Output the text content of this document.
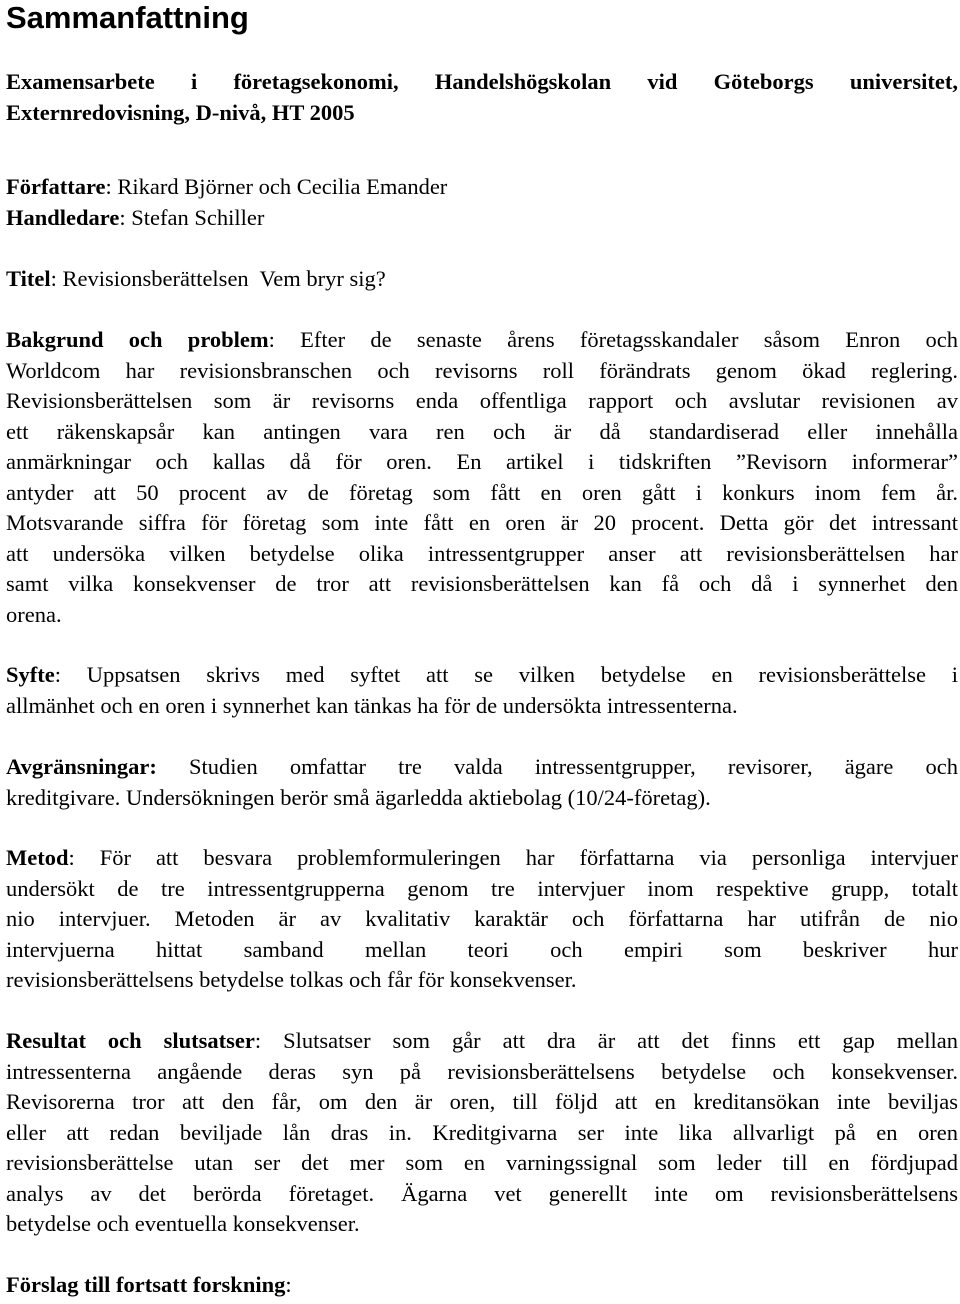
Sammanfattning
Examensarbete i företagsekonomi, Handelshögskolan vid Göteborgs universitet,
Externredovisning, D-nivå, HT 2005
Författare: Rikard Björner och Cecilia Emander
Handledare: Stefan Schiller
Titel: Revisionsberättelsen  Vem bryr sig?
Bakgrund och problem: Efter de senaste årens företagsskandaler såsom Enron och
Worldcom har revisionsbranschen och revisorns roll förändrats genom ökad reglering.
Revisionsberättelsen som är revisorns enda offentliga rapport och avslutar revisionen av
ett räkenskapsår kan antingen vara ren och är då standardiserad eller innehålla
anmärkningar och kallas då för oren. En artikel i tidskriften ”Revisorn informerar”
antyder att 50 procent av de företag som fått en oren gått i konkurs inom fem år.
Motsvarande siffra för företag som inte fått en oren är 20 procent. Detta gör det intressant
att undersöka vilken betydelse olika intressentgrupper anser att revisionsberättelsen har
samt vilka konsekvenser de tror att revisionsberättelsen kan få och då i synnerhet den
orena.
Syfte: Uppsatsen skrivs med syftet att se vilken betydelse en revisionsberättelse i
allmänhet och en oren i synnerhet kan tänkas ha för de undersökta intressenterna.
Avgränsningar: Studien omfattar tre valda intressentgrupper, revisorer, ägare och
kreditgivare. Undersökningen berör små ägarledda aktiebolag (10/24-företag).
Metod: För att besvara problemformuleringen har författarna via personliga intervjuer
undersökt de tre intressentgrupperna genom tre intervjuer inom respektive grupp, totalt
nio intervjuer. Metoden är av kvalitativ karaktär och författarna har utifrån de nio
intervjuerna hittat samband mellan teori och empiri som beskriver hur
revisionsberättelsens betydelse tolkas och får för konsekvenser.
Resultat och slutsatser: Slutsatser som går att dra är att det finns ett gap mellan
intressenterna angående deras syn på revisionsberättelsens betydelse och konsekvenser.
Revisorerna tror att den får, om den är oren, till följd att en kreditansökan inte beviljas
eller att redan beviljade lån dras in. Kreditgivarna ser inte lika allvarligt på en oren
revisionsberättelse utan ser det mer som en varningssignal som leder till en fördjupad
analys av det berörda företaget. Ägarna vet generellt inte om revisionsberättelsens
betydelse och eventuella konsekvenser.
Förslag till fortsatt forskning:
